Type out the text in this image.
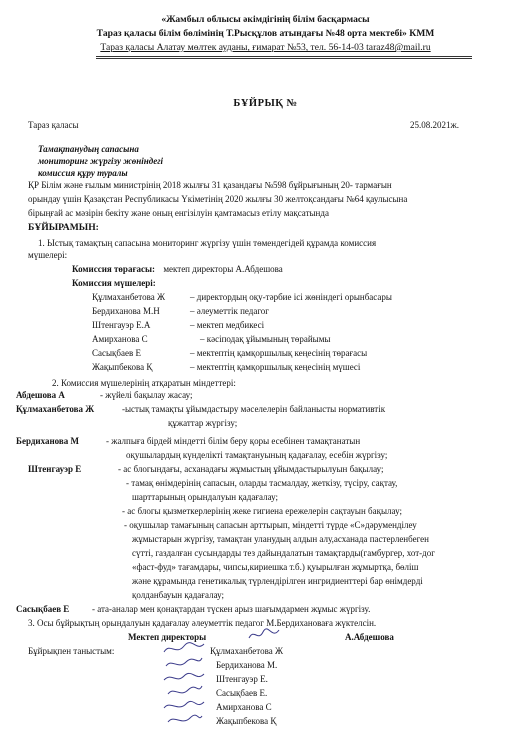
«Жамбыл облысы әкімдігінің білім басқармасы
Тараз қаласы білім бөлімінің Т.Рысқұлов атындағы №48 орта мектебі» КММ
Тараз қаласы Алатау мөлтек ауданы, ғимарат №53, тел. 56-14-03 taraz48@mail.ru
БҰЙРЫҚ №
Тараз қаласы	25.08.2021ж.
Тамақтанудың сапасына
мониторинг жүргізу жөніндегі
комиссия құру туралы
ҚР Білім және ғылым министрінің 2018 жылғы 31 қазандағы №598 бұйрығының 20- тармағын
орындау үшін Қазақстан Республикасы Үкіметінің 2020 жылғы 30 желтоқсандағы №64 қаулысына
бірыңғай ас мәзірін бекіту және оның енгізілуін қамтамасыз етілу мақсатында
БҰЙЫРАМЫН:
1. Ыстық тамақтың сапасына мониторинг жүргізу үшін төмендегідей құрамда комиссия
мүшелері:
Комиссия төрағасы: мектеп директоры А.Абдешова
Комиссия мүшелері:
Құлмаханбетова Ж	– директордың оқу-тәрбие ісі жөніндегі орынбасары
Бердиханова М.Н	– әлеуметтік педагог
Штенгауэр Е.А	– мектеп медбикесі
Амирханова С	– кәсіподақ ұйымының төрайымы
Сасықбаев Е	– мектептің қамқоршылық кеңесінің төрағасы
Жақыпбекова Қ	– мектептің қамқоршылық кеңесінің мүшесі
2. Комиссия мүшелерінің атқаратын міндеттері:
Абдешова А	- жүйелі бақылау жасау;
Құлмаханбетова Ж	-ыстық тамақты ұйымдастыру мәселелерін байланысты нормативтік
құжаттар жүргізу;
Бердиханова М	- жалпыға бірдей міндетті білім беру қоры есебінен тамақтанатын
оқушылардың күнделікті тамақтануының қадағалау, есебін жүргізу;
Штенгауэр Е	- ас блогындағы, асханадағы жұмыстың ұйымдастырылуын бақылау;
- тамақ өнімдерінің сапасын, оларды тасмалдау, жеткізу, түсіру, сақтау,
шарттарының орындалуын қадағалау;
- ас блогы қызметкерлерінің жеке гигиена ережелерін сақтауын бақылау;
- оқушылар тамағының сапасын арттырып, міндетті түрде «С»дәруменділеу
жұмыстарын жүргізу, тамақтан уланудың алдын алу,асханада пастерленбеген
сүтті, газдалған сусындарды тез дайындалатын тамақтарды(гамбургер, хот-дог
«фаст-фуд» тағамдары, чипсы,кириешка т.б.) қуырылған жұмыртқа, бөліш
және құрамында генетикалық түрлендірілген ингридиенттері бар өнімдерді
қолданбауын қадағалау;
Сасықбаев Е	- ата-аналар мен қонақтардан түскен арыз шағымдармен жұмыс жүргізу.
3. Осы бұйрықтың орындалуын қадағалау әлеуметтік педагог М.Бердихановаға жүктелсін.
Мектеп директоры	А.Абдешова
Бұйрықпен таныстым:	Құлмаханбетова Ж
Бердиханова М.
Штенгауэр Е.
Сасықбаев Е.
Амирханова С
Жақыпбекова Қ
